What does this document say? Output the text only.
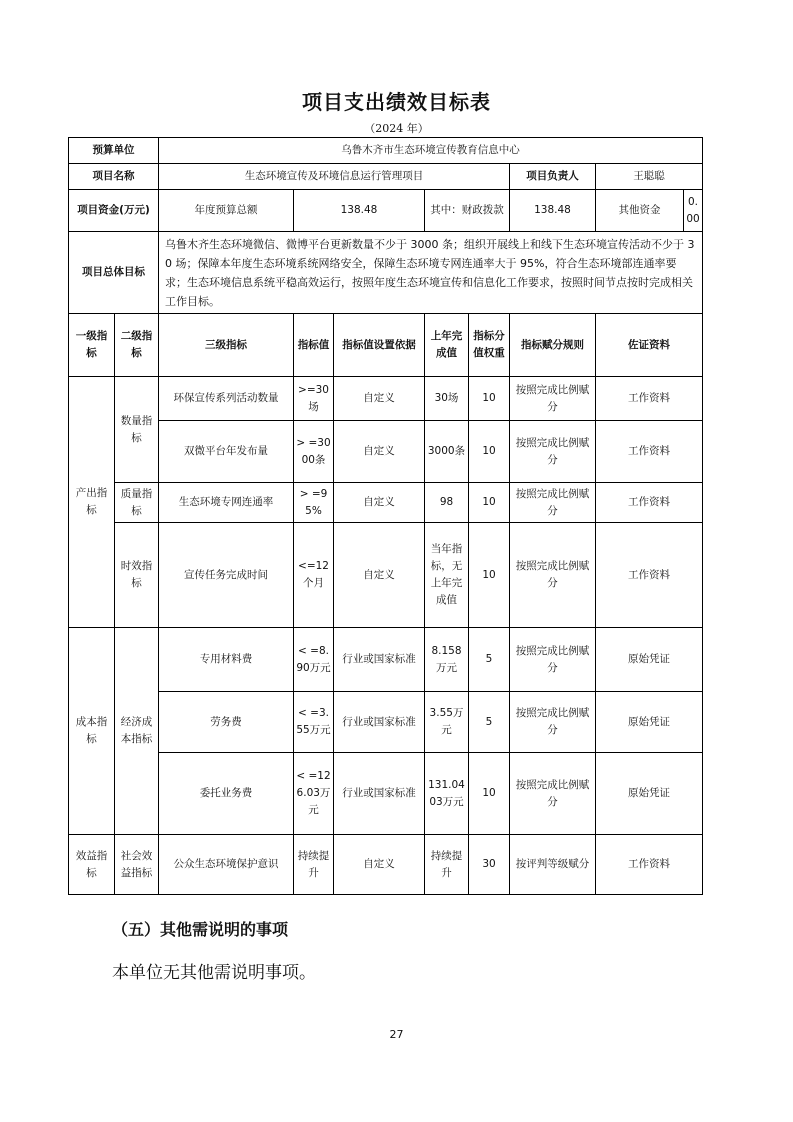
项目支出绩效目标表
（2024 年）
预算单位		乌鲁木齐市生态环境宣传教育信息中心							
项目名称		生态环境宣传及环境信息运行管理项目					项目负责人	王聪聪	
项目资金(万元)		年度预算总额	138.48		其中：财政拨款		138.48	其他资金	0.00
项目总体目标		乌鲁木齐生态环境微信、微博平台更新数量不少于 3000 条；组织开展线上和线下生态环境宣传活动不少于 30 场；保障本年度生态环境系统网络安全，保障生态环境专网连通率大于 95%，符合生态环境部连通率要求；生态环境信息系统平稳高效运行，按照年度生态环境宣传和信息化工作要求，按照时间节点按时完成相关工作目标。							
一级指标	二级指标	三级指标	指标值	指标值设置依据	上年完成值	指标分值权重	指标赋分规则	佐证资料	
产出指标	数量指标	环保宣传系列活动数量	>=30场	自定义	30场	10	按照完成比例赋分	工作资料	
		双微平台年发布量	> =3000条	自定义	3000条	10	按照完成比例赋分	工作资料	
	质量指标	生态环境专网连通率	> =95%	自定义	98	10	按照完成比例赋分	工作资料	
	时效指标	宣传任务完成时间	<=12个月	自定义	当年指标，无上年完成值	10	按照完成比例赋分	工作资料	
成本指标	经济成本指标	专用材料费	< =8.90万元	行业或国家标准	8.158万元	5	按照完成比例赋分	原始凭证	
		劳务费	< =3.55万元	行业或国家标准	3.55万元	5	按照完成比例赋分	原始凭证	
		委托业务费	< =126.03万元	行业或国家标准	131.0403万元	10	按照完成比例赋分	原始凭证	
效益指标	社会效益指标	公众生态环境保护意识	持续提升	自定义	持续提升	30	按评判等级赋分	工作资料	
（五）其他需说明的事项
本单位无其他需说明事项。
27
